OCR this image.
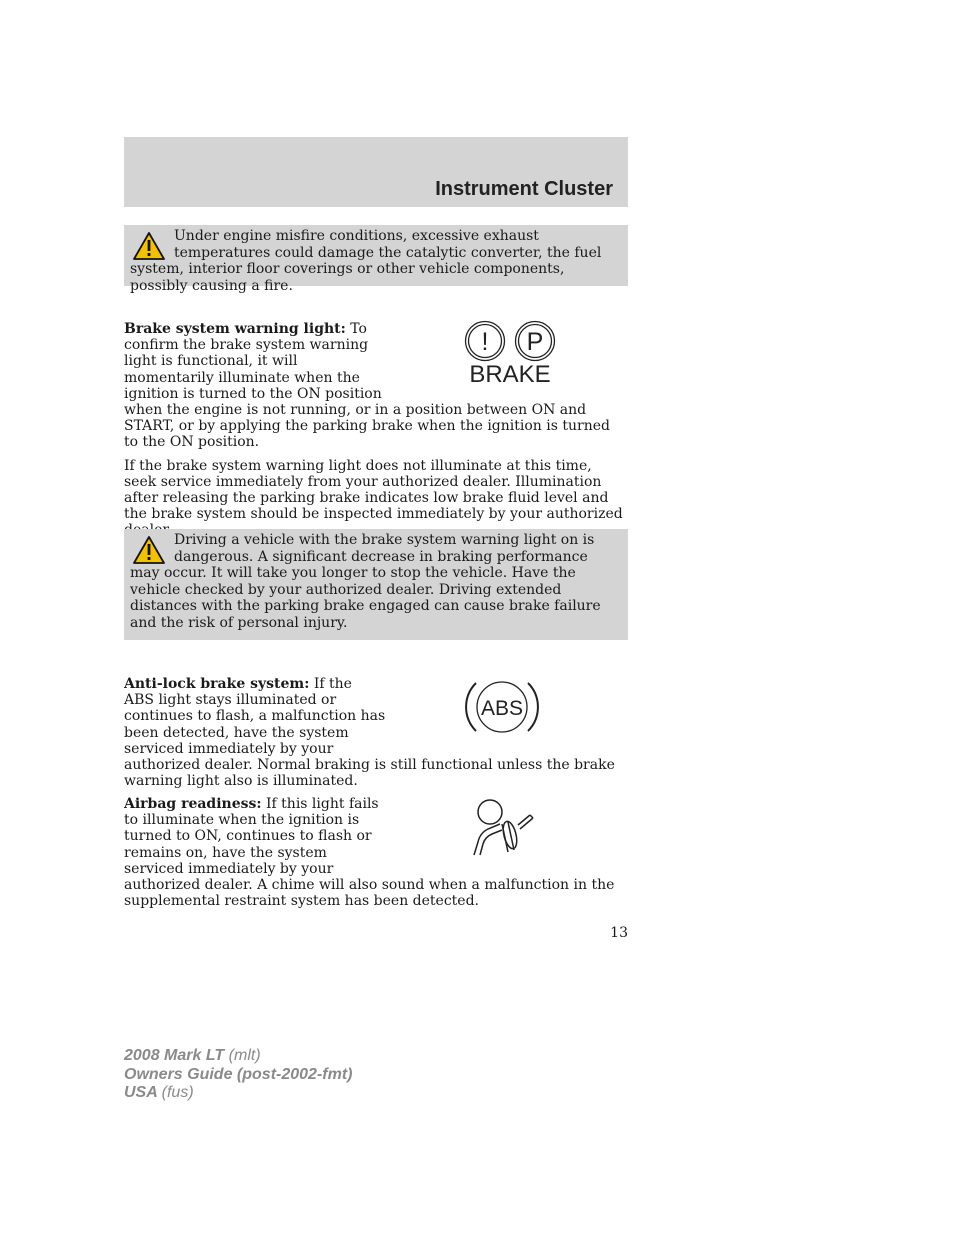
Instrument Cluster
Under engine misfire conditions, excessive exhaust temperatures could damage the catalytic converter, the fuel system, interior floor coverings or other vehicle components, possibly causing a fire.
Brake system warning light: To
confirm the brake system warning
light is functional, it will
momentarily illuminate when the
ignition is turned to the ON position

when the engine is not running, or in a position between ON and START, or by applying the parking brake when the ignition is turned to the ON position.

If the brake system warning light does not illuminate at this time, seek service immediately from your authorized dealer. Illumination after releasing the parking brake indicates low brake fluid level and the brake system should be inspected immediately by your authorized

! P
BRAKE
Driving a vehicle with the brake system warning light on is dangerous. A significant decrease in braking performance may occur. It will take you longer to stop the vehicle. Have the vehicle checked by your authorized dealer. Driving extended distances with the parking brake engaged can cause brake failure and the risk of personal injury.
Anti-lock brake system: If the
ABS light stays illuminated or
continues to flash, a malfunction has
been detected, have the system
serviced immediately by your

authorized dealer. Normal braking is still functional unless the brake warning light also is illuminated.

ABS
Airbag readiness: If this light fails
to illuminate when the ignition is
turned to ON, continues to flash or
remains on, have the system
serviced immediately by your

authorized dealer. A chime will also sound when a malfunction in the supplemental restraint system has been detected.

13
2008 Mark LT (mlt)
Owners Guide (post-2002-fmt)
USA (fus)
